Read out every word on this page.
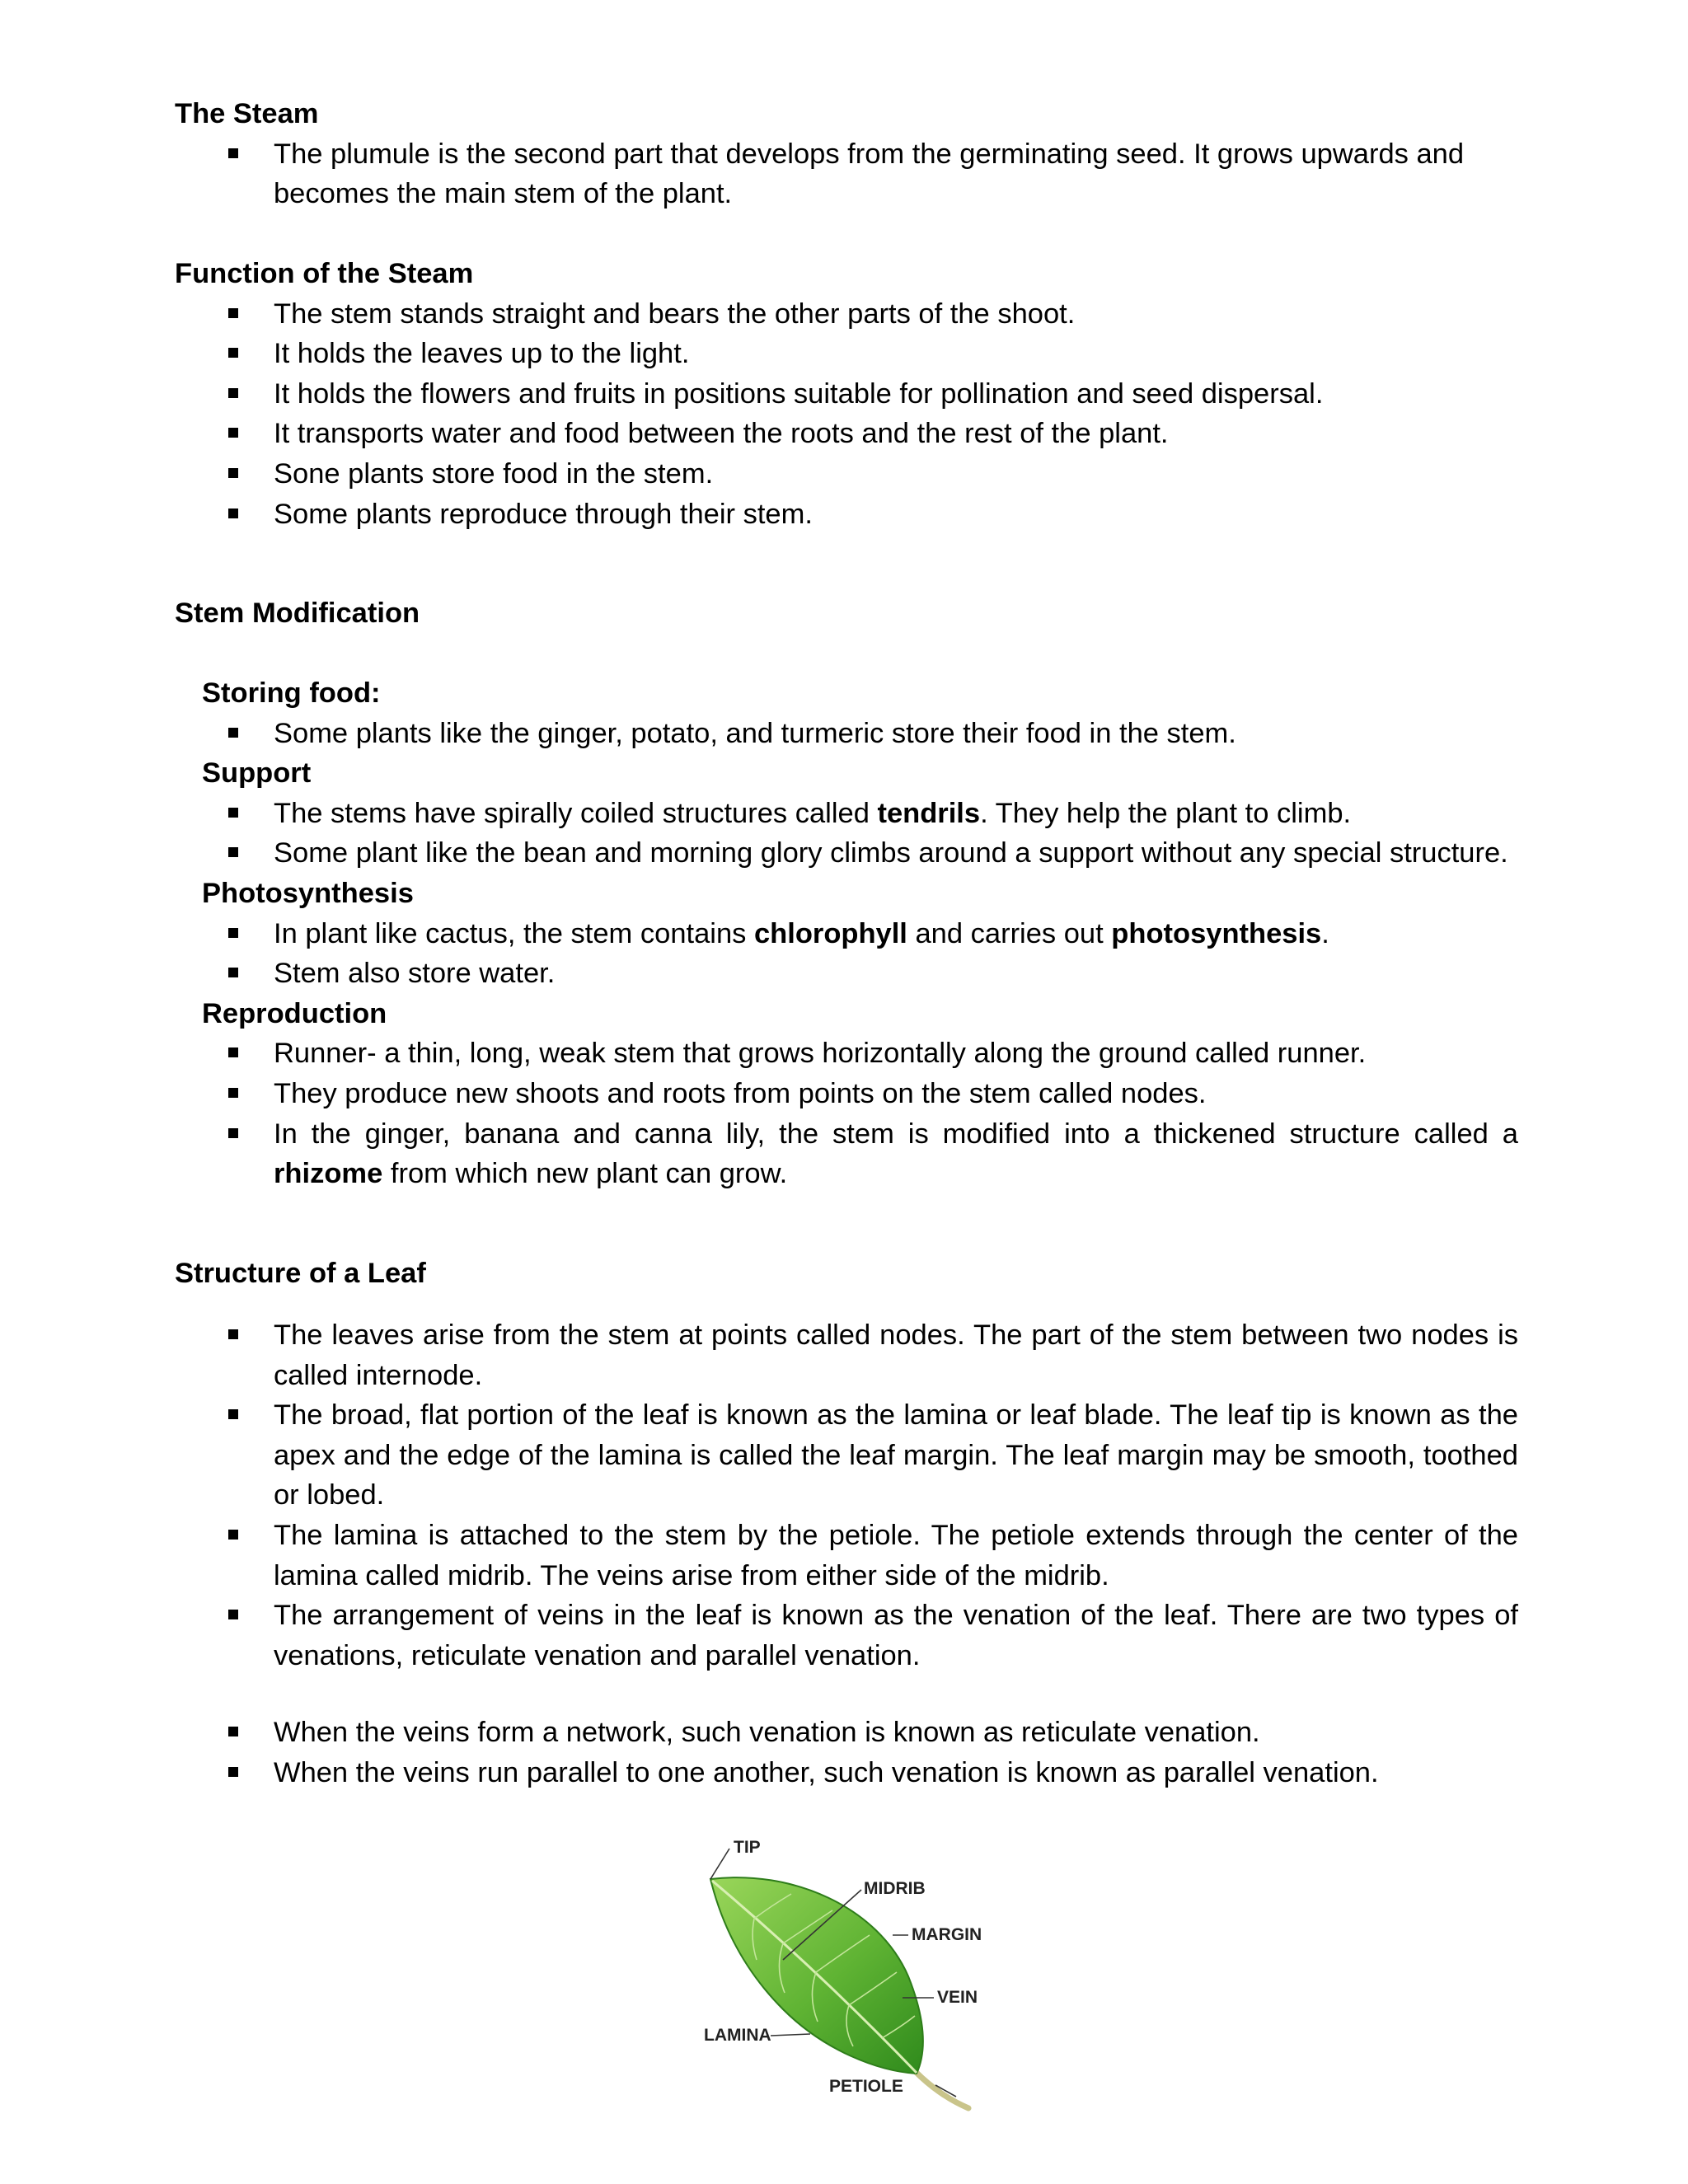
The Steam
The plumule is the second part that develops from the germinating seed. It grows upwards and becomes the main stem of the plant.
Function of the Steam
The stem stands straight and bears the other parts of the shoot.
It holds the leaves up to the light.
It holds the flowers and fruits in positions suitable for pollination and seed dispersal.
It transports water and food between the roots and the rest of the plant.
Sone plants store food in the stem.
Some plants reproduce through their stem.
Stem Modification
Storing food:
Some plants like the ginger, potato, and turmeric store their food in the stem.
Support
The stems have spirally coiled structures called tendrils. They help the plant to climb.
Some plant like the bean and morning glory climbs around a support without any special structure.
Photosynthesis
In plant like cactus, the stem contains chlorophyll and carries out photosynthesis.
Stem also store water.
Reproduction
Runner- a thin, long, weak stem that grows horizontally along the ground called runner.
They produce new shoots and roots from points on the stem called nodes.
In the ginger, banana and canna lily, the stem is modified into a thickened structure called a rhizome from which new plant can grow.
Structure of a Leaf
The leaves arise from the stem at points called nodes. The part of the stem between two nodes is called internode.
The broad, flat portion of the leaf is known as the lamina or leaf blade. The leaf tip is known as the apex and the edge of the lamina is called the leaf margin. The leaf margin may be smooth, toothed or lobed.
The lamina is attached to the stem by the petiole. The petiole extends through the center of the lamina called midrib. The veins arise from either side of the midrib.
The arrangement of veins in the leaf is known as the venation of the leaf. There are two types of venations, reticulate venation and parallel venation.
When the veins form a network, such venation is known as reticulate venation.
When the veins run parallel to one another, such venation is known as parallel venation.
TIP
MIDRIB
MARGIN
VEIN
LAMINA
PETIOLE
